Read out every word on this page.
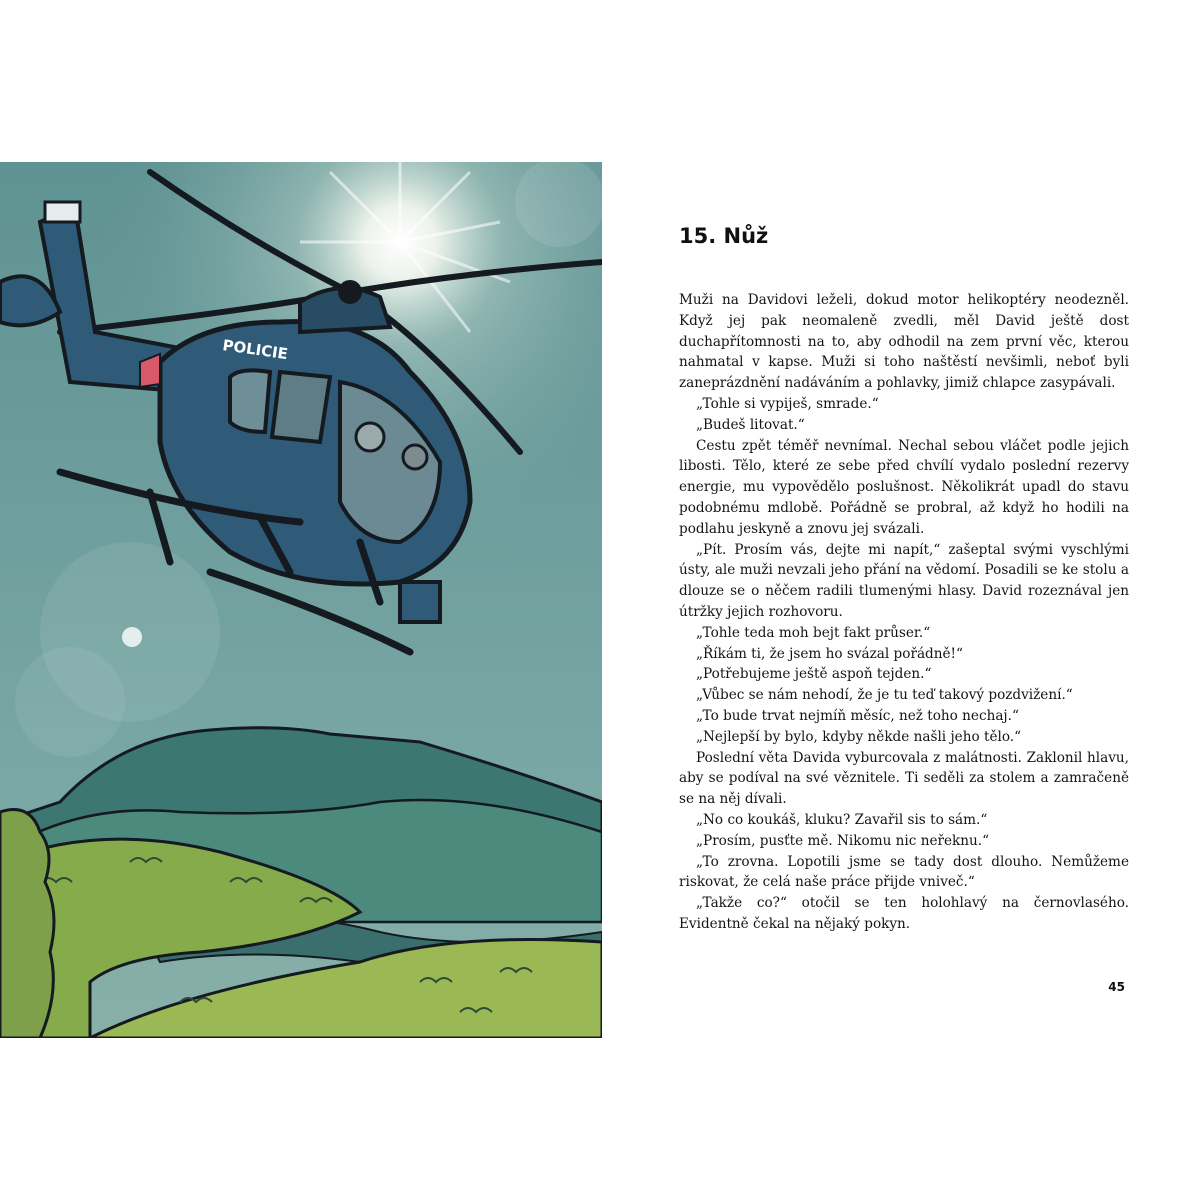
POLICIE
15. Nůž

Muži na Davidovi leželi, dokud motor helikoptéry neodezněl. Když jej pak neomaleně zvedli, měl David ještě dost duchapřítomnosti na to, aby odhodil na zem první věc, kterou nahmatal v kapse. Muži si toho naštěstí nevšimli, neboť byli zaneprázdnění nadáváním a pohlavky, jimiž chlapce zasypávali.

„Tohle si vypiješ, smrade.“

„Budeš litovat.“

Cestu zpět téměř nevnímal. Nechal sebou vláčet podle jejich libosti. Tělo, které ze sebe před chvílí vydalo poslední rezervy energie, mu vypovědělo poslušnost. Několikrát upadl do stavu podobnému mdlobě. Pořádně se probral, až když ho hodili na podlahu jeskyně a znovu jej svázali.

„Pít. Prosím vás, dejte mi napít,“ zašeptal svými vyschlými ústy, ale muži nevzali jeho přání na vědomí. Posadili se ke stolu a dlouze se o něčem radili tlumenými hlasy. David rozeznával jen útržky jejich rozhovoru.

„Tohle teda moh bejt fakt průser.“

„Říkám ti, že jsem ho svázal pořádně!“

„Potřebujeme ještě aspoň tejden.“

„Vůbec se nám nehodí, že je tu teď takový pozdvižení.“

„To bude trvat nejmíň měsíc, než toho nechaj.“

„Nejlepší by bylo, kdyby někde našli jeho tělo.“

Poslední věta Davida vyburcovala z malátnosti. Zaklonil hlavu, aby se podíval na své věznitele. Ti seděli za stolem a zamračeně se na něj dívali.

„No co koukáš, kluku? Zavařil sis to sám.“

„Prosím, pusťte mě. Nikomu nic neřeknu.“

„To zrovna. Lopotili jsme se tady dost dlouho. Nemůžeme riskovat, že celá naše práce přijde vniveč.“

„Takže co?“ otočil se ten holohlavý na černovlasého. Evidentně čekal na nějaký pokyn.

45
